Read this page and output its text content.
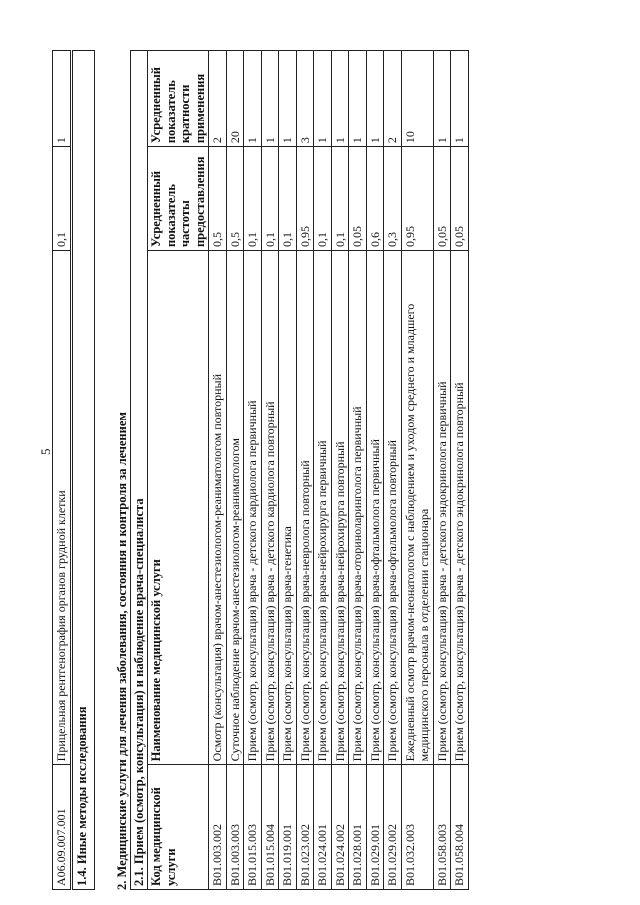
5
A06.09.007.001	Прицельная рентгенография органов грудной клетки	0,1	1
1.4. Иные методы исследования 2. Медицинские услуги для лечения заболевания, состояния и контроля за лечением 2.1. Прием (осмотр, консультация) и наблюдение врача-специалиста			
Код медицинской услуги	Наименование медицинской услуги	Усредненный показатель частоты предоставления	Усредненный показатель кратности применения
B01.003.002	Осмотр (консультация) врачом-анестезиологом-реаниматологом повторный	0,5	2
B01.003.003	Суточное наблюдение врачом-анестезиологом-реаниматологом	0,5	20
B01.015.003	Прием (осмотр, консультация) врача - детского кардиолога первичный	0,1	1
B01.015.004	Прием (осмотр, консультация) врача - детского кардиолога повторный	0,1	1
B01.019.001	Прием (осмотр, консультация) врача-генетика	0,1	1
B01.023.002	Прием (осмотр, консультация) врача-невролога повторный	0,95	3
B01.024.001	Прием (осмотр, консультация) врача-нейрохирурга первичный	0,1	1
B01.024.002	Прием (осмотр, консультация) врача-нейрохирурга повторный	0,1	1
B01.028.001	Прием (осмотр, консультация) врача-оториноларинголога первичный	0,05	1
B01.029.001	Прием (осмотр, консультация) врача-офтальмолога первичный	0,6	1
B01.029.002	Прием (осмотр, консультация) врача-офтальмолога повторный	0,3	2
B01.032.003	Ежедневный осмотр врачом-неонатологом с наблюдением и уходом среднего и младшего медицинского персонала в отделении стационара	0,95	10
B01.058.003	Прием (осмотр, консультация) врача - детского эндокринолога первичный	0,05	1
B01.058.004	Прием (осмотр, консультация) врача - детского эндокринолога повторный	0,05	1
